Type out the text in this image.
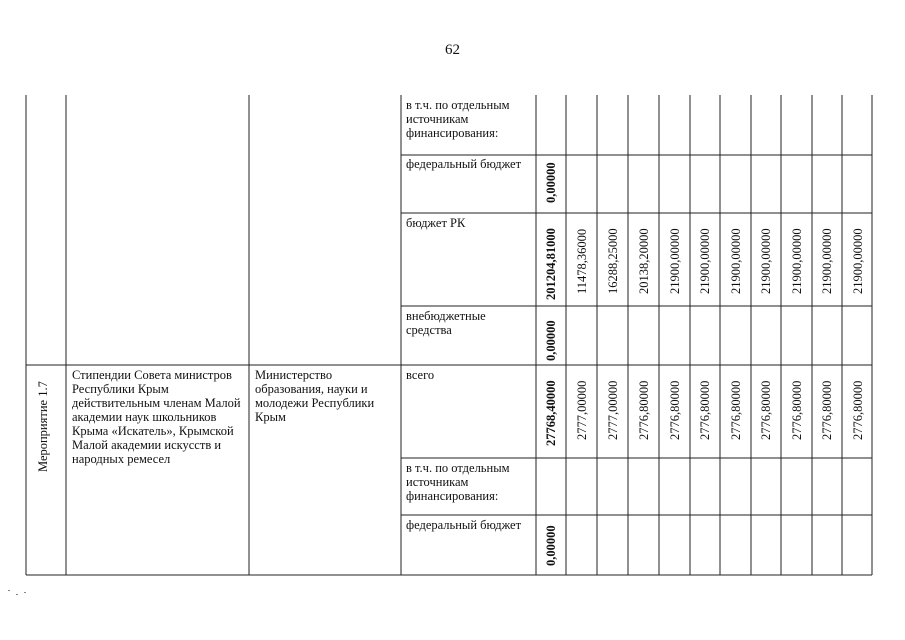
62
Мероприятие 1.7
Стипендии Совета министров Республики Крым действительным членам Малой академии наук школьников Крыма «Искатель», Крымской Малой академии искусств и народных ремесел
Министерство образования, науки и молодежи Республики Крым
в т.ч. по отдельным источникам финансирования:
федеральный бюджет	0,00000
бюджет РК
201204,81000 11478,36000 16288,25000 20138,20000 21900,00000 21900,00000 21900,00000 21900,00000 21900,00000 21900,00000 21900,00000
внебюджетные средства	0,00000
всего
27768,40000 2777,00000 2777,00000 2776,80000 2776,80000 2776,80000 2776,80000 2776,80000 2776,80000 2776,80000 2776,80000
в т.ч. по отдельным источникам финансирования:
федеральный бюджет
0,00000
